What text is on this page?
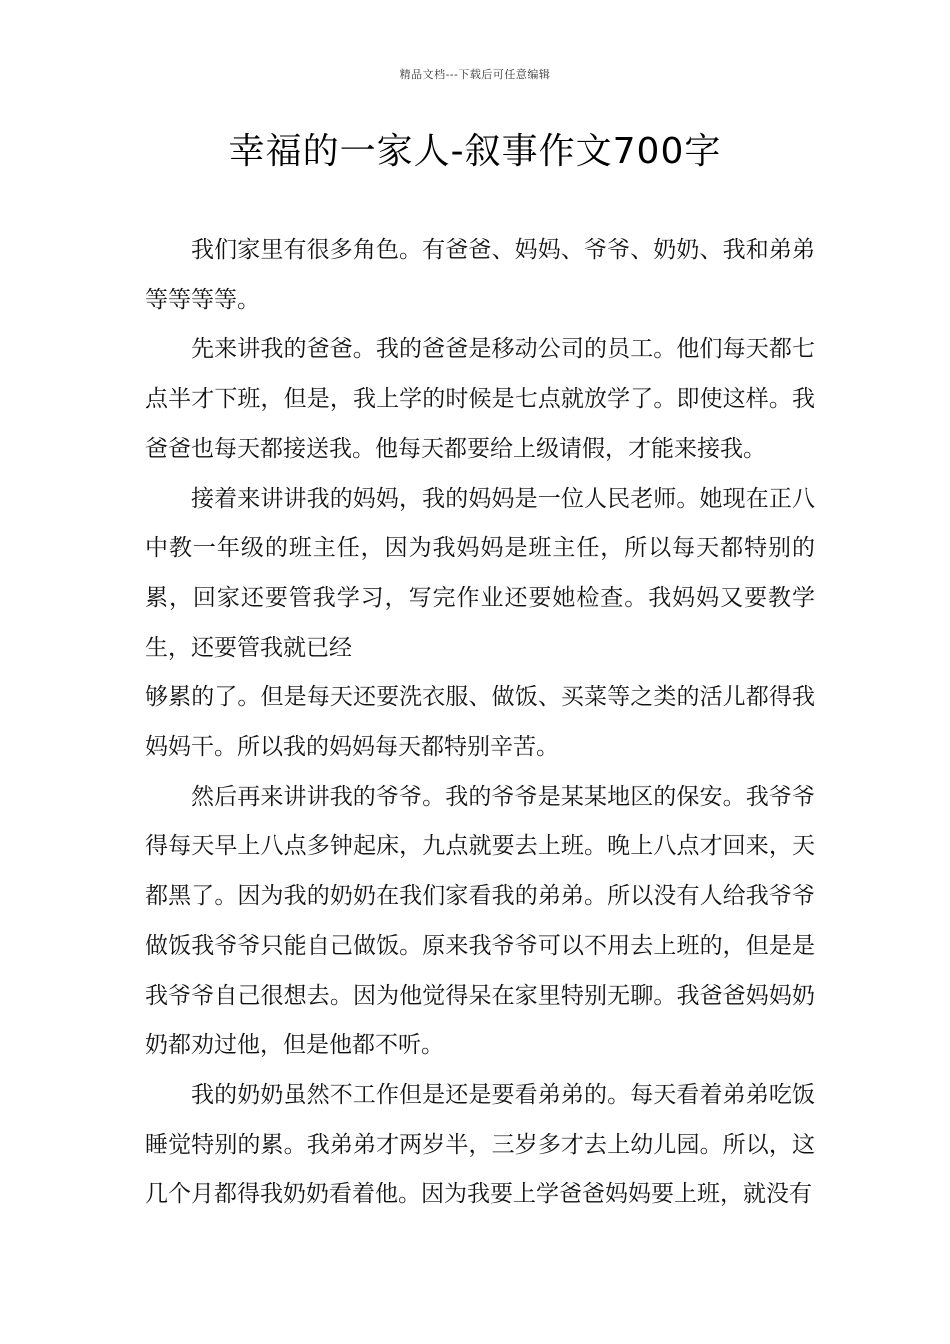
精品文档---下载后可任意编辑
幸福的一家人-叙事作文700字

我们家里有很多角色。有爸爸、妈妈、爷爷、奶奶、我和弟弟等等等等。

先来讲我的爸爸。我的爸爸是移动公司的员工。他们每天都七点半才下班，但是，我上学的时候是七点就放学了。即使这样。我爸爸也每天都接送我。他每天都要给上级请假，才能来接我。

接着来讲讲我的妈妈，我的妈妈是一位人民老师。她现在正八中教一年级的班主任，因为我妈妈是班主任，所以每天都特别的累，回家还要管我学习，写完作业还要她检查。我妈妈又要教学生，还要管我就已经

够累的了。但是每天还要洗衣服、做饭、买菜等之类的活儿都得我妈妈干。所以我的妈妈每天都特别辛苦。

然后再来讲讲我的爷爷。我的爷爷是某某地区的保安。我爷爷得每天早上八点多钟起床，九点就要去上班。晚上八点才回来，天都黑了。因为我的奶奶在我们家看我的弟弟。所以没有人给我爷爷做饭我爷爷只能自己做饭。原来我爷爷可以不用去上班的，但是是我爷爷自己很想去。因为他觉得呆在家里特别无聊。我爸爸妈妈奶奶都劝过他，但是他都不听。

我的奶奶虽然不工作但是还是要看弟弟的。每天看着弟弟吃饭睡觉特别的累。我弟弟才两岁半，三岁多才去上幼儿园。所以，这几个月都得我奶奶看着他。因为我要上学爸爸妈妈要上班，就没有
